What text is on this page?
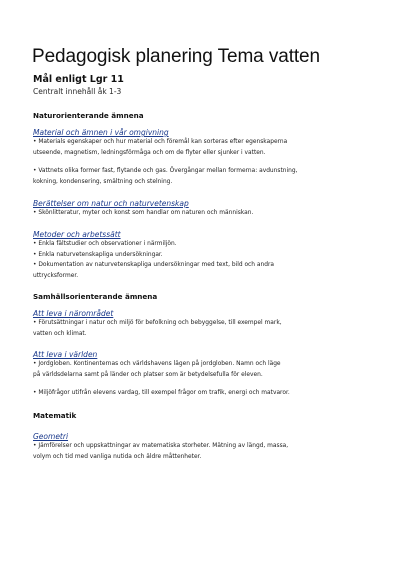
Pedagogisk planering Tema vatten
Mål enligt Lgr 11
Centralt innehåll åk 1-3
Naturorienterande ämnena
Material och ämnen i vår omgivning
• Materials egenskaper och hur material och föremål kan sorteras efter egenskaperna
utseende, magnetism, ledningsförmåga och om de flyter eller sjunker i vatten.
• Vattnets olika former fast, flytande och gas. Övergångar mellan formerna: avdunstning,
kokning, kondensering, smältning och stelning.
Berättelser om natur och naturvetenskap
• Skönlitteratur, myter och konst som handlar om naturen och människan.
Metoder och arbetssätt
• Enkla fältstudier och observationer i närmiljön.
• Enkla naturvetenskapliga undersökningar.
• Dokumentation av naturvetenskapliga undersökningar med text, bild och andra
uttrycksformer.
Samhällsorienterande ämnena
Att leva i närområdet
• Förutsättningar i natur och miljö för befolkning och bebyggelse, till exempel mark,
vatten och klimat.
Att leva i världen
• Jordgloben. Kontinenternas och världshavens lägen på jordgloben. Namn och läge
på världsdelarna samt på länder och platser som är betydelsefulla för eleven.
• Miljöfrågor utifrån elevens vardag, till exempel frågor om trafik, energi och matvaror.
Matematik
Geometri
• Jämförelser och uppskattningar av matematiska storheter. Mätning av längd, massa,
volym och tid med vanliga nutida och äldre måttenheter.
